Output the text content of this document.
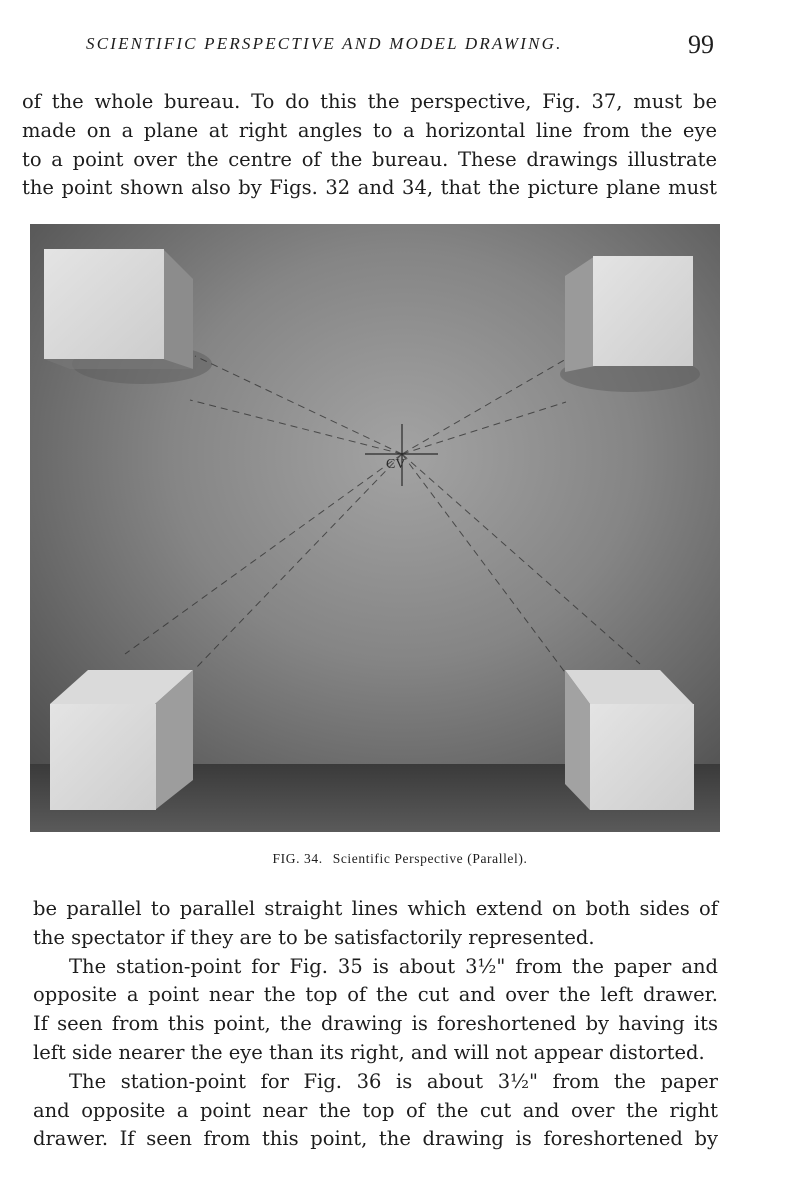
SCIENTIFIC PERSPECTIVE AND MODEL DRAWING.	99

of the whole bureau. To do this the perspective, Fig. 37, must be
made on a plane at right angles to a horizontal line from the eye
to a point over the centre of the bureau. These drawings illustrate
the point shown also by Figs. 32 and 34, that the picture plane must

CV
FIG. 34. Scientific Perspective (Parallel).

be parallel to parallel straight lines which extend on both sides of
the spectator if they are to be satisfactorily represented.
The station-point for Fig. 35 is about 3½" from the paper and
opposite a point near the top of the cut and over the left drawer.
If seen from this point, the drawing is foreshortened by having its
left side nearer the eye than its right, and will not appear distorted.
The station-point for Fig. 36 is about 3½" from the paper
and opposite a point near the top of the cut and over the right
drawer. If seen from this point, the drawing is foreshortened by
